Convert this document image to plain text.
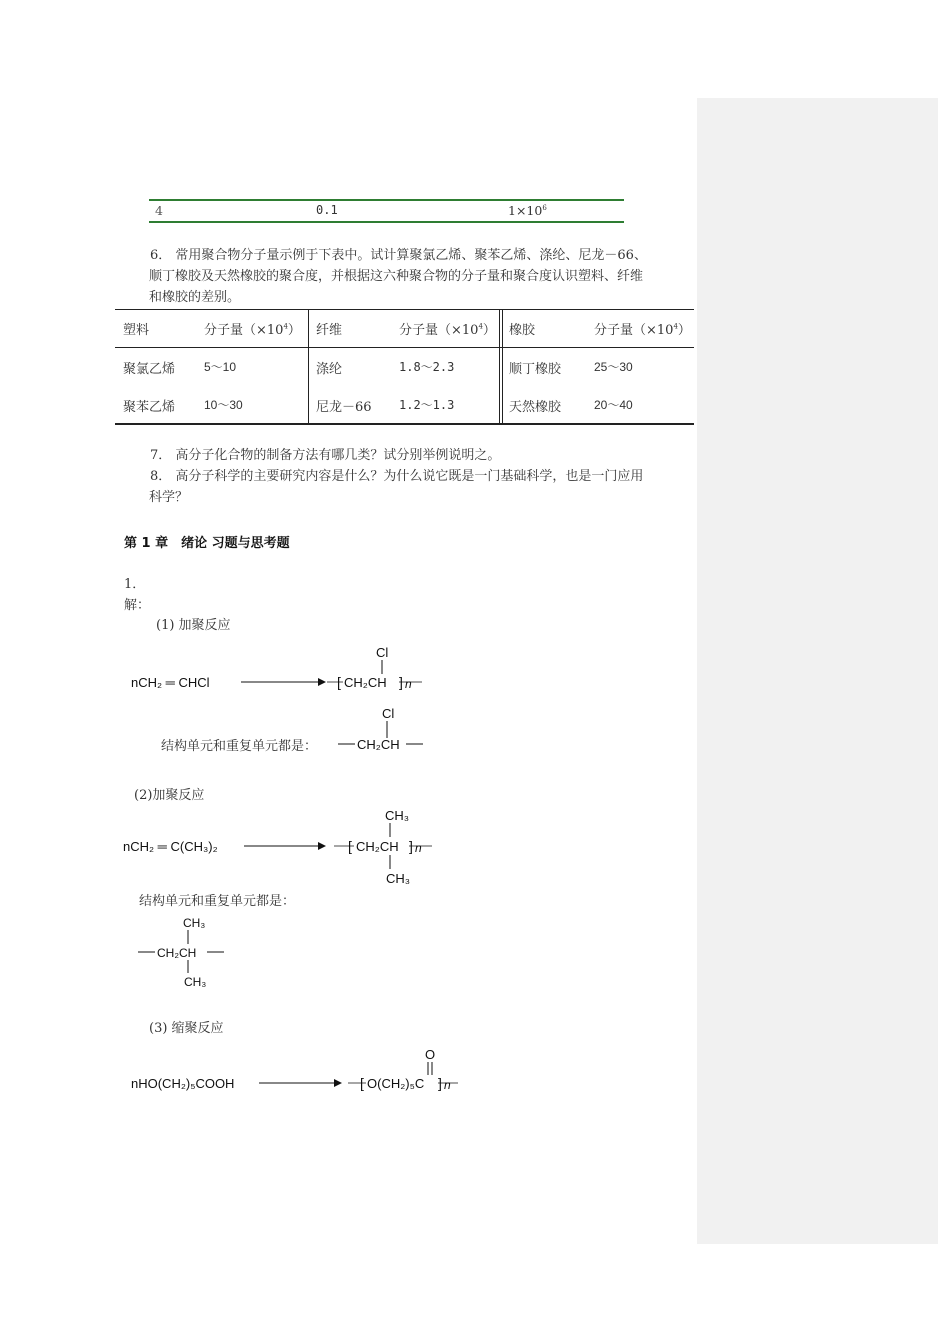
4	0.1	$1\times 10^6$
6． 常用聚合物分子量示例于下表中。试计算聚氯乙烯、聚苯乙烯、涤纶、尼龙－66、
顺丁橡胶及天然橡胶的聚合度，并根据这六种聚合物的分子量和聚合度认识塑料、纤维
和橡胶的差别。
塑料	分子量$(\times 10^4)$ 纤维	分子量$(\times 10^4)$ 橡胶	分子量$(\times 10^4)$
聚氯乙烯 5～10	涤纶	1.8～2.3	顺丁橡胶	25～30
聚苯乙烯 10～30	尼龙－66 1.2～1.3	天然橡胶	20～40
7． 高分子化合物的制备方法有哪几类？试分别举例说明之。
8． 高分子科学的主要研究内容是什么？为什么说它既是一门基础科学，也是一门应用
科学？
第 1 章　绪论 习题与思考题
1．
解：
(1) 加聚反应
nCH₂ ═ CHCl
Cl
[ CH₂CH ] n
结构单元和重复单元都是：
Cl
CH₂CH
(2)加聚反应
nCH₂ ═ C(CH₃)₂
CH₃
[ CH₂CH ] n
CH₃
结构单元和重复单元都是：
CH₃
CH₂CH
CH₃
(3) 缩聚反应
nHO(CH₂)₅COOH
O
[ O(CH₂)₅C ] n
